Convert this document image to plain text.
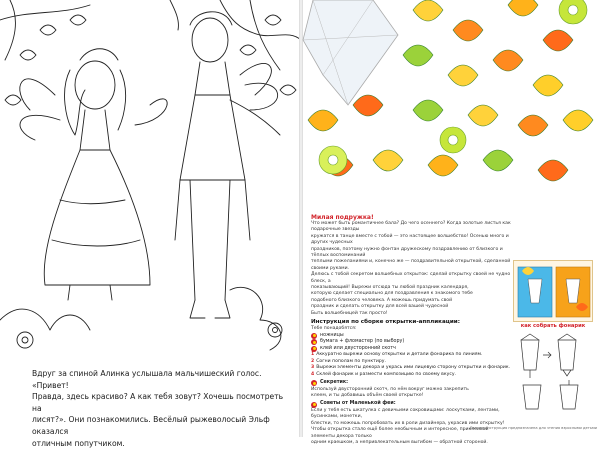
Вдруг за спиной Алинка услышала мальчишеский голос. «Привет!
Правда, здесь красиво? А как тебя зовут? Хочешь посмотреть на
лисят?». Они познакомились. Весёлый рыжеволосый Эльф оказался
отличным попутчиком.
Милая подружка!
Что может быть романтичнее бала? До чего осеннего? Когда золотые листья как подарочные звезды
кружатся в танце вместе с тобой — это настоящее волшебство! Осенью много и других чудесных
праздников, поэтому нужно фонтан дружескому поздравлению от близкого и тёплых воспоминаний
теплыми пожеланиями и, конечно же — поздравительной открыткой, сделанной своими руками.
Делюсь с тобой секретом волшебных открыток: сделай открытку своей не чудно блеск, а
показывающий! Вырежи отсюда ты любой праздник календаря,
которую сделает специально для поздравления к знакомого тебе
подобного близкого человека. А можешь придумать свой
праздник и сделать открытку для всей вашей чудесной
Быть волшебницей так просто!
Инструкция по сборке открытки-аппликации:
Тебе понадобятся:
ножницы
бумага + фломастер (по выбору)
клей или двусторонний скотч
1 Аккуратно вырежи основу открытки и детали фонарика по линиям.
2 Согни пополам по пунктиру.
3 Вырежи элементы декора и укрась ими лицевую сторону открытки и фонарик.
4 Склей фонарик и размести композицию по своему вкусу.
Секретик:
Используй двусторонний скотч, по нём вокруг можно закрепить
клеем, и ты добавишь объём своей открытке!
Советы от Маленькой феи:
Если у тебя есть шкатулка с девичьими сокровищами: лоскутками, лентами, бусинками, монетки,
блестки, то можешь попробовать их в роли дизайнера, украсив ими открытку!
Чтобы открытка стало ещё более необычным и интересное, приклеивай элементы декора только
одним краешком, а непривлекательным выгибом — обратной стороной.
как собрать фонарик
Данная инструкция предназначена для чтения взрослыми детьми
